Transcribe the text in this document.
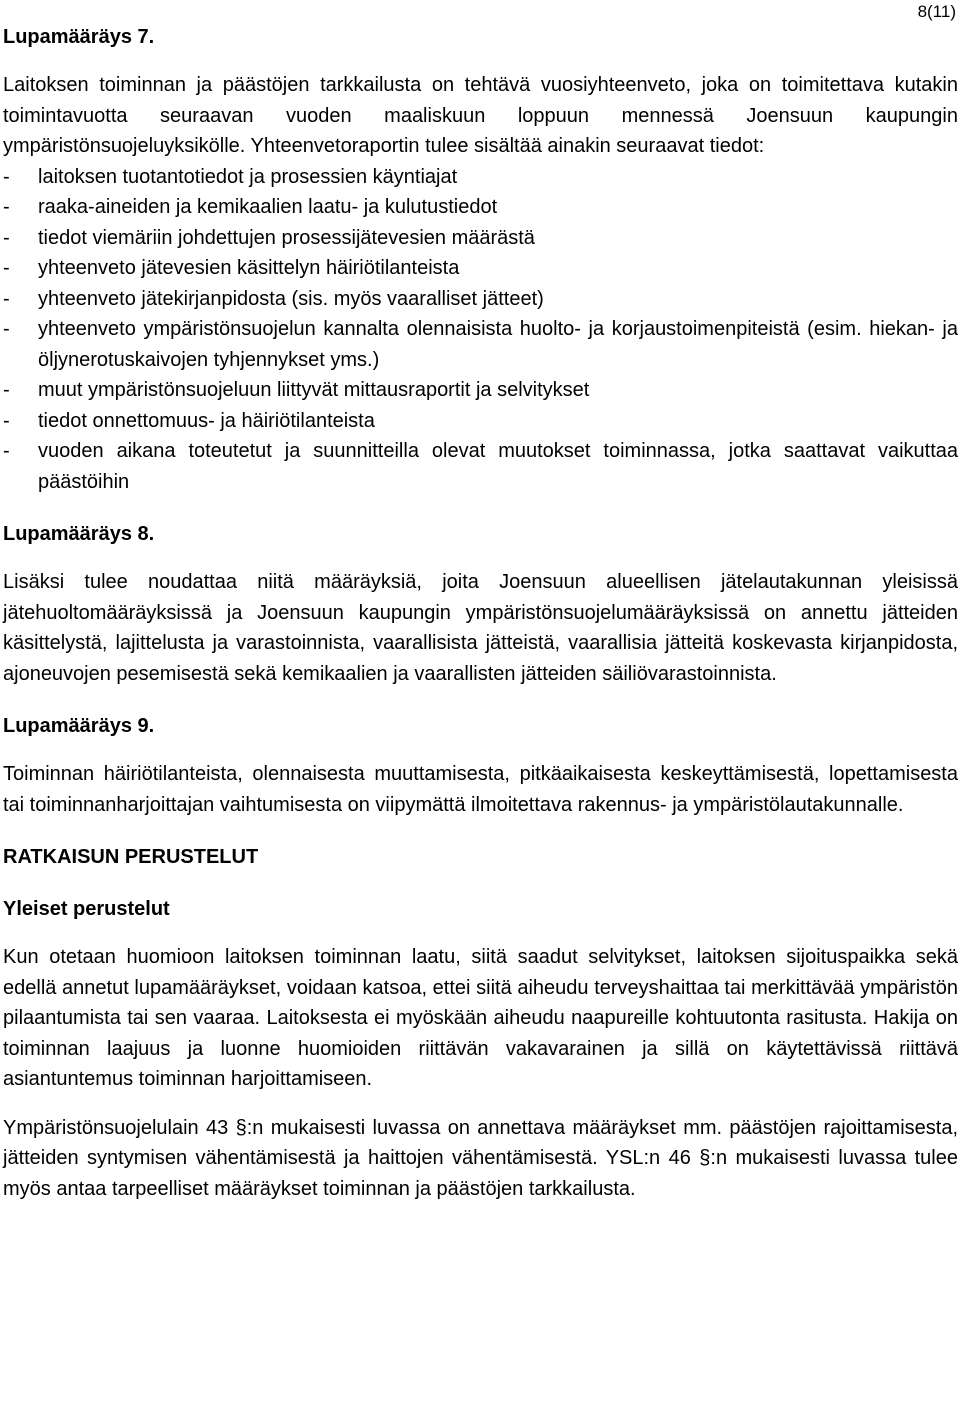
8(11)

Lupamääräys 7.

Laitoksen toiminnan ja päästöjen tarkkailusta on tehtävä vuosiyhteenveto, joka on toimitettava kutakin toimintavuotta seuraavan vuoden maaliskuun loppuun mennessä Joensuun kaupungin ympäristönsuojeluyksikölle. Yhteenvetoraportin tulee sisältää ainakin seuraavat tiedot:

- laitoksen tuotantotiedot ja prosessien käyntiajat
- raaka-aineiden ja kemikaalien laatu- ja kulutustiedot
- tiedot viemäriin johdettujen prosessijätevesien määrästä
- yhteenveto jätevesien käsittelyn häiriötilanteista
- yhteenveto jätekirjanpidosta (sis. myös vaaralliset jätteet)
- yhteenveto ympäristönsuojelun kannalta olennaisista huolto- ja korjaustoimenpiteistä (esim. hiekan- ja öljynerotuskaivojen tyhjennykset yms.)
- muut ympäristönsuojeluun liittyvät mittausraportit ja selvitykset
- tiedot onnettomuus- ja häiriötilanteista
- vuoden aikana toteutetut ja suunnitteilla olevat muutokset toiminnassa, jotka saattavat vaikuttaa päästöihin

Lupamääräys 8.

Lisäksi tulee noudattaa niitä määräyksiä, joita Joensuun alueellisen jätelautakunnan yleisissä jätehuoltomääräyksissä ja Joensuun kaupungin ympäristönsuojelumääräyksissä on annettu jätteiden käsittelystä, lajittelusta ja varastoinnista, vaarallisista jätteistä, vaarallisia jätteitä koskevasta kirjanpidosta, ajoneuvojen pesemisestä sekä kemikaalien ja vaarallisten jätteiden säiliövarastoinnista.

Lupamääräys 9.

Toiminnan häiriötilanteista, olennaisesta muuttamisesta, pitkäaikaisesta keskeyttämisestä, lopettamisesta tai toiminnanharjoittajan vaihtumisesta on viipymättä ilmoitettava rakennus- ja ympäristölautakunnalle.

RATKAISUN PERUSTELUT

Yleiset perustelut

Kun otetaan huomioon laitoksen toiminnan laatu, siitä saadut selvitykset, laitoksen sijoituspaikka sekä edellä annetut lupamääräykset, voidaan katsoa, ettei siitä aiheudu terveyshaittaa tai merkittävää ympäristön pilaantumista tai sen vaaraa. Laitoksesta ei myöskään aiheudu naapureille kohtuutonta rasitusta. Hakija on toiminnan laajuus ja luonne huomioiden riittävän vakavarainen ja sillä on käytettävissä riittävä asiantuntemus toiminnan harjoittamiseen.

Ympäristönsuojelulain 43 §:n mukaisesti luvassa on annettava määräykset mm. päästöjen rajoittamisesta, jätteiden syntymisen vähentämisestä ja haittojen vähentämisestä. YSL:n 46 §:n mukaisesti luvassa tulee myös antaa tarpeelliset määräykset toiminnan ja päästöjen tarkkailusta.
